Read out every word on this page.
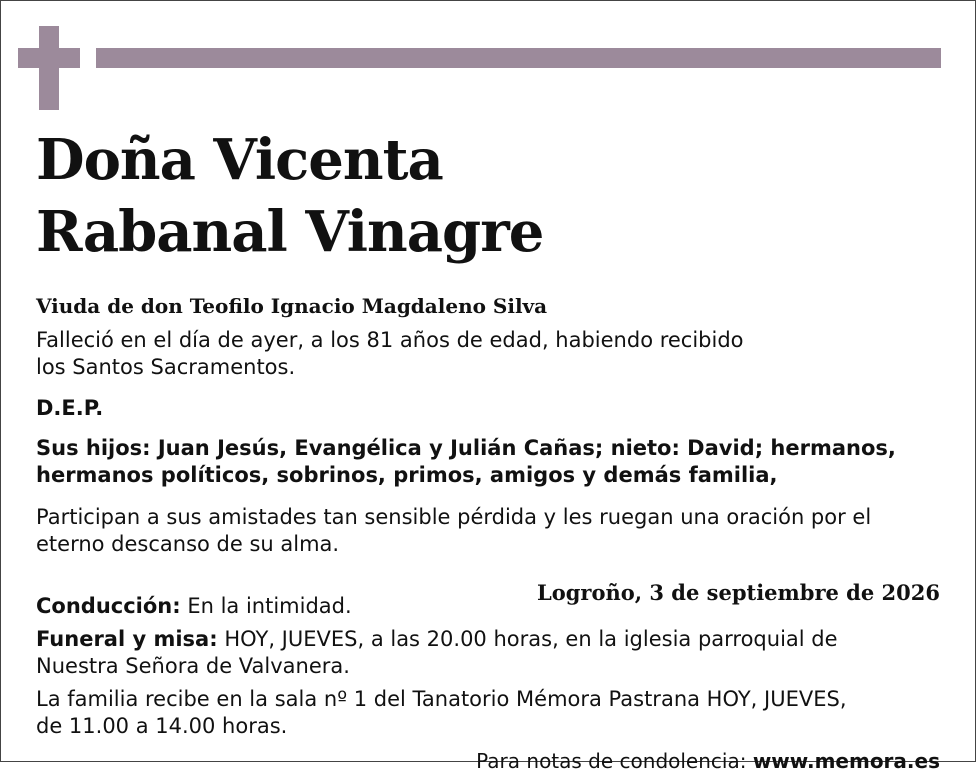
Doña Vicenta
Rabanal Vinagre

Viuda de don Teofilo Ignacio Magdaleno Silva

Falleció en el día de ayer, a los 81 años de edad, habiendo recibido
los Santos Sacramentos.

D.E.P.

Sus hijos: Juan Jesús, Evangélica y Julián Cañas; nieto: David; hermanos,
hermanos políticos, sobrinos, primos, amigos y demás familia,

Participan a sus amistades tan sensible pérdida y les ruegan una oración por el
eterno descanso de su alma.

Logroño, 3 de septiembre de 2026

Conducción: En la intimidad.

Funeral y misa: HOY, JUEVES, a las 20.00 horas, en la iglesia parroquial de
Nuestra Señora de Valvanera.

La familia recibe en la sala nº 1 del Tanatorio Mémora Pastrana HOY, JUEVES,
de 11.00 a 14.00 horas.

Para notas de condolencia: www.memora.es
